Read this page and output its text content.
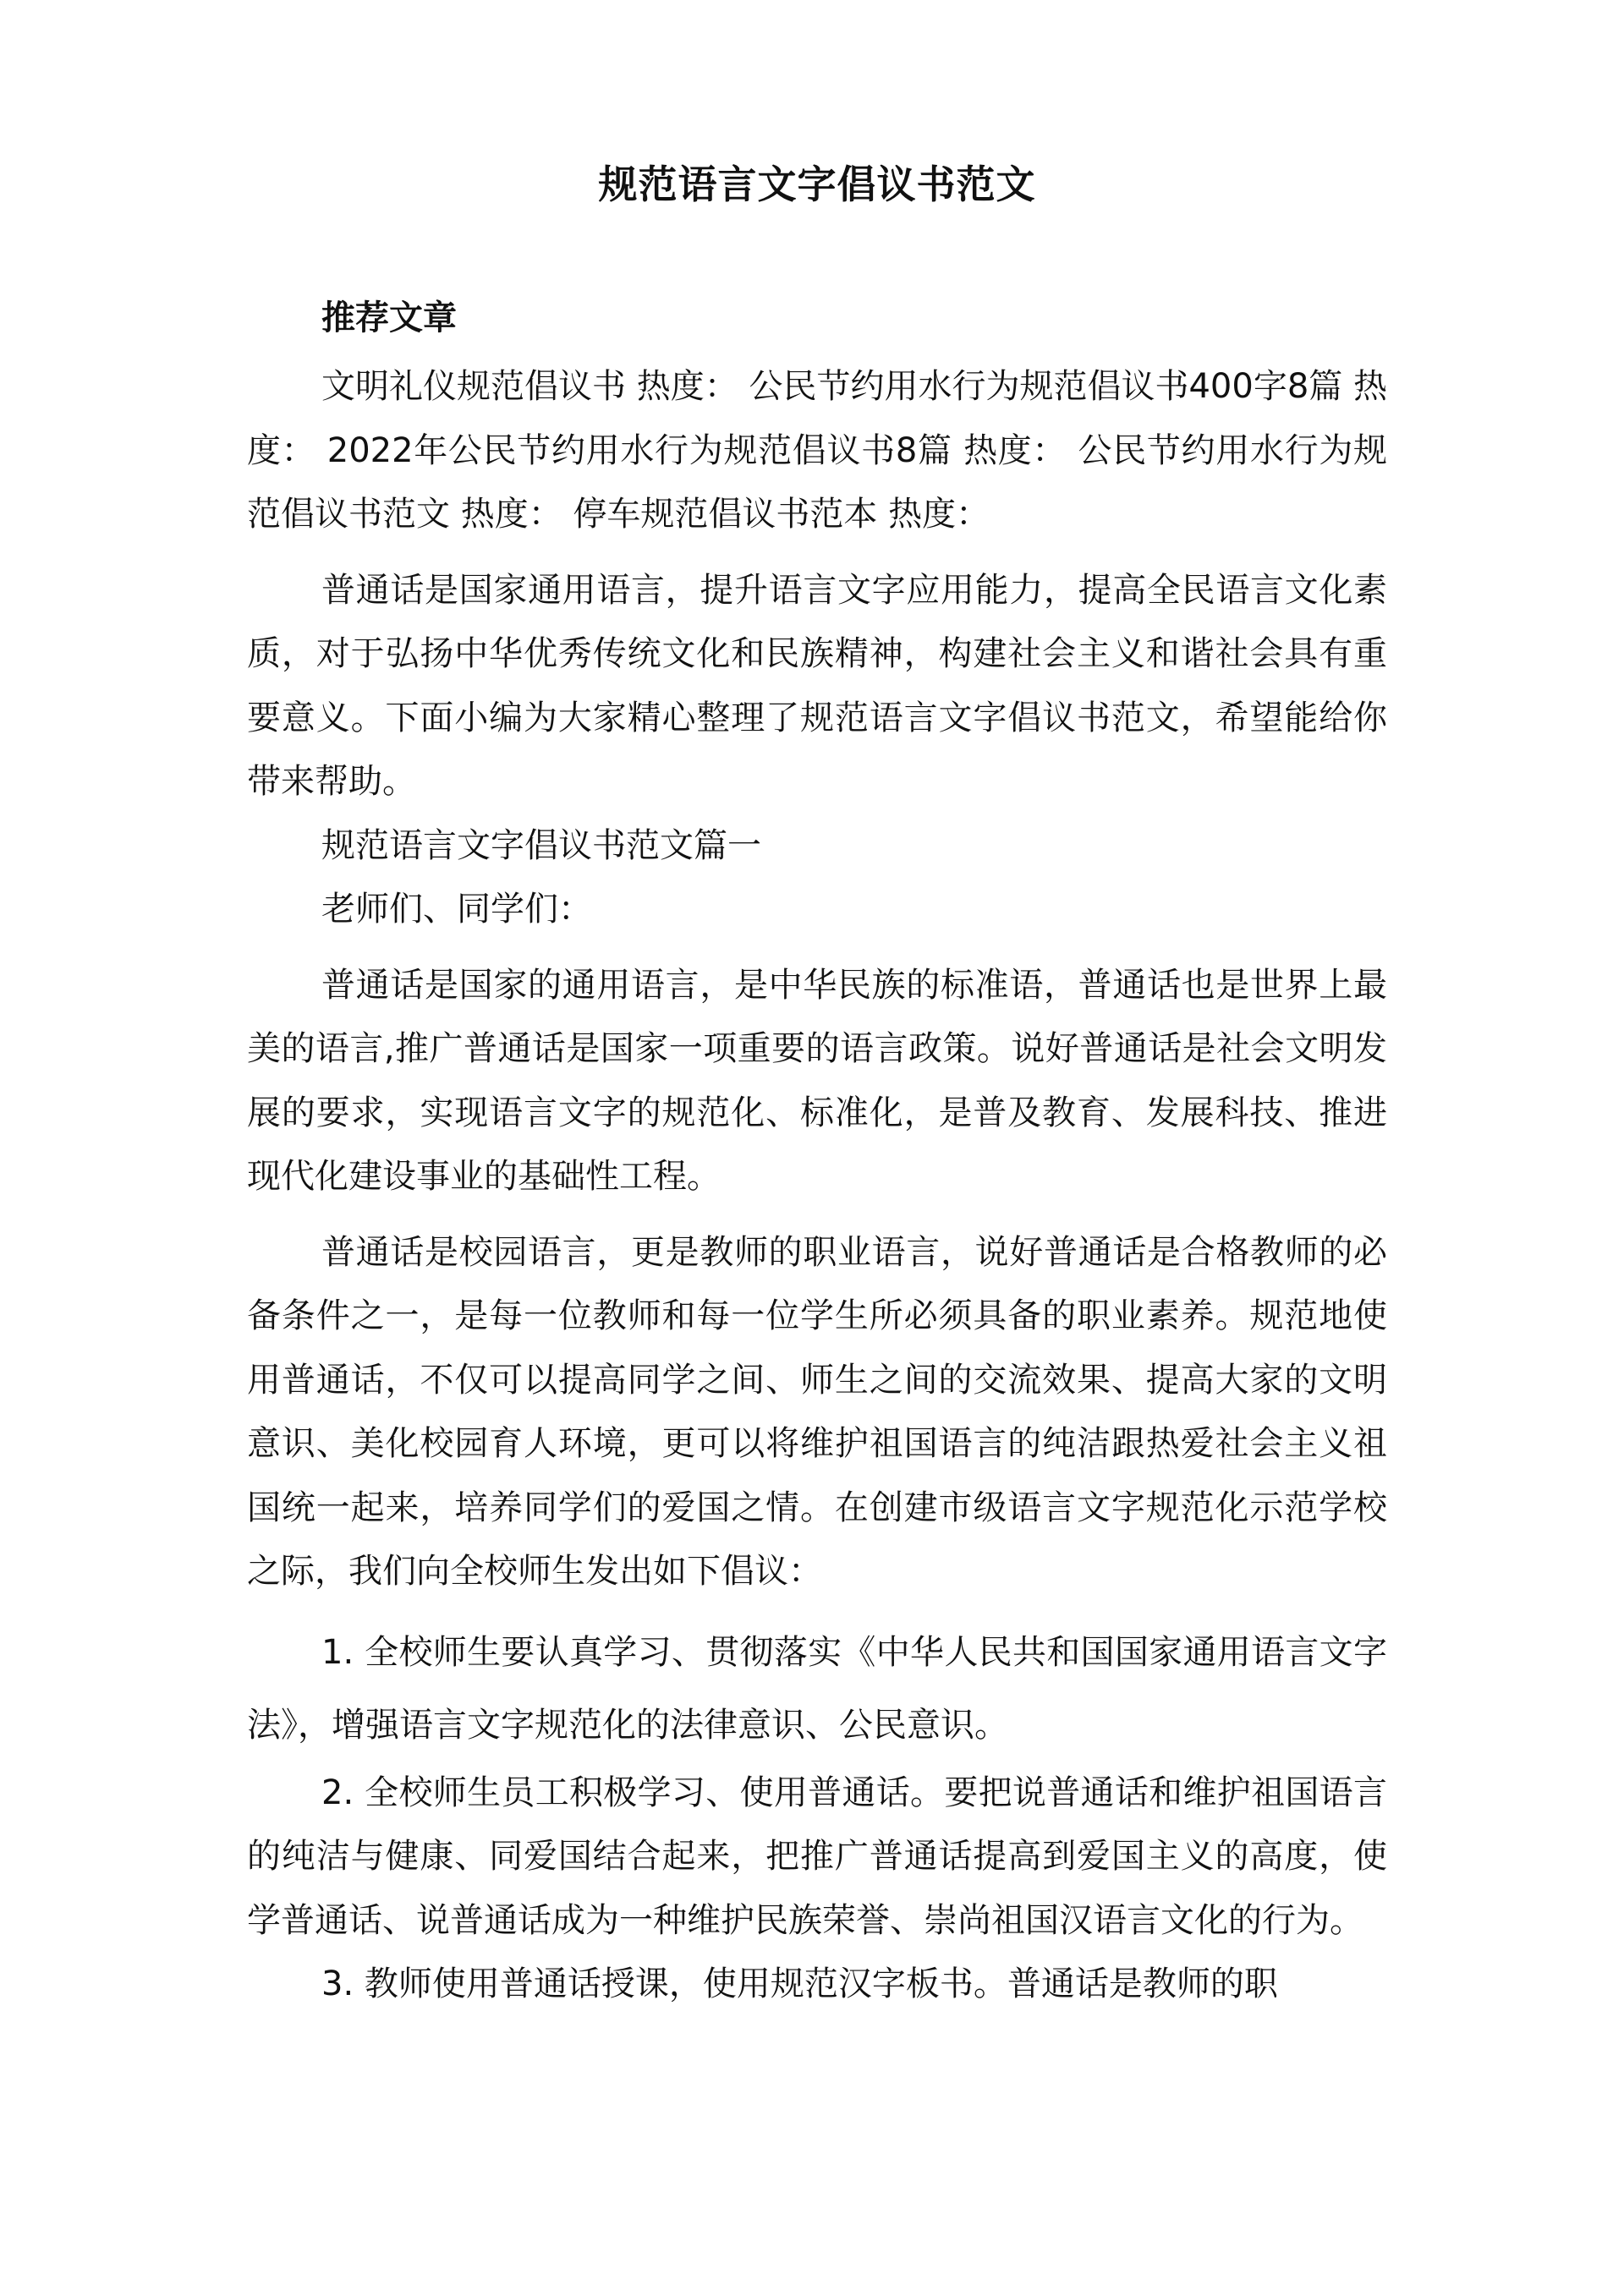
规范语言文字倡议书范文
推荐文章

文明礼仪规范倡议书 热度： 公民节约用水行为规范倡议书400字8篇 热度： 2022年公民节约用水行为规范倡议书8篇 热度： 公民节约用水行为规范倡议书范文 热度： 停车规范倡议书范本 热度：

普通话是国家通用语言，提升语言文字应用能力，提高全民语言文化素质，对于弘扬中华优秀传统文化和民族精神，构建社会主义和谐社会具有重要意义。下面小编为大家精心整理了规范语言文字倡议书范文，希望能给你带来帮助。

规范语言文字倡议书范文篇一

老师们、同学们：

普通话是国家的通用语言，是中华民族的标准语，普通话也是世界上最美的语言,推广普通话是国家一项重要的语言政策。说好普通话是社会文明发展的要求，实现语言文字的规范化、标准化，是普及教育、发展科技、推进现代化建设事业的基础性工程。

普通话是校园语言，更是教师的职业语言，说好普通话是合格教师的必备条件之一，是每一位教师和每一位学生所必须具备的职业素养。规范地使用普通话，不仅可以提高同学之间、师生之间的交流效果、提高大家的文明意识、美化校园育人环境，更可以将维护祖国语言的纯洁跟热爱社会主义祖国统一起来，培养同学们的爱国之情。在创建市级语言文字规范化示范学校之际，我们向全校师生发出如下倡议：

1. 全校师生要认真学习、贯彻落实《中华人民共和国国家通用语言文字法》，增强语言文字规范化的法律意识、公民意识。

2. 全校师生员工积极学习、使用普通话。要把说普通话和维护祖国语言的纯洁与健康、同爱国结合起来，把推广普通话提高到爱国主义的高度，使学普通话、说普通话成为一种维护民族荣誉、崇尚祖国汉语言文化的行为。

3. 教师使用普通话授课，使用规范汉字板书。普通话是教师的职
